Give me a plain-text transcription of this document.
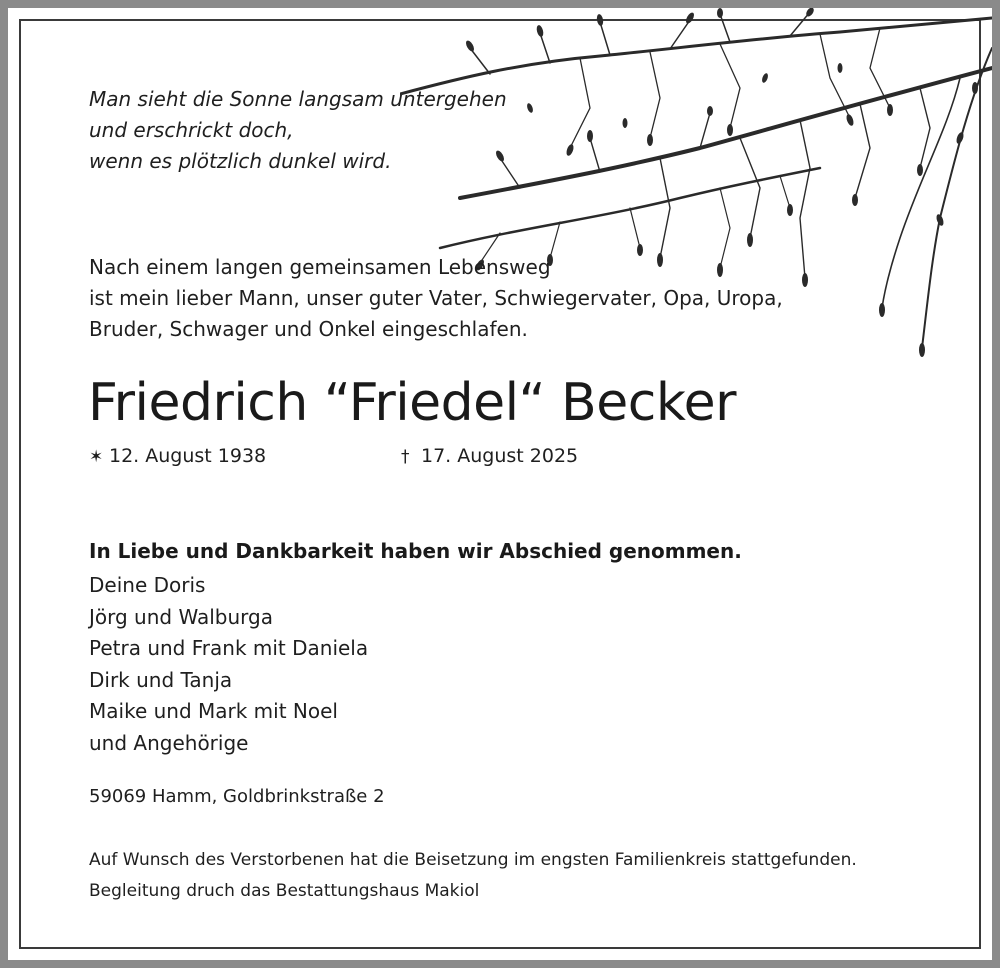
Man sieht die Sonne langsam untergehen
und erschrickt doch,
wenn es plötzlich dunkel wird.
Nach einem langen gemeinsamen Lebensweg
ist mein lieber Mann, unser guter Vater, Schwiegervater, Opa, Uropa,
Bruder, Schwager und Onkel eingeschlafen.
Friedrich “Friedel“ Becker
✶ 12. August 1938	† 17. August 2025

In Liebe und Dankbarkeit haben wir Abschied genommen.

Deine Doris
Jörg und Walburga
Petra und Frank mit Daniela
Dirk und Tanja
Maike und Mark mit Noel
und Angehörige
59069 Hamm, Goldbrinkstraße 2
Auf Wunsch des Verstorbenen hat die Beisetzung im engsten Familienkreis stattgefunden.
Begleitung druch das Bestattungshaus Makiol
